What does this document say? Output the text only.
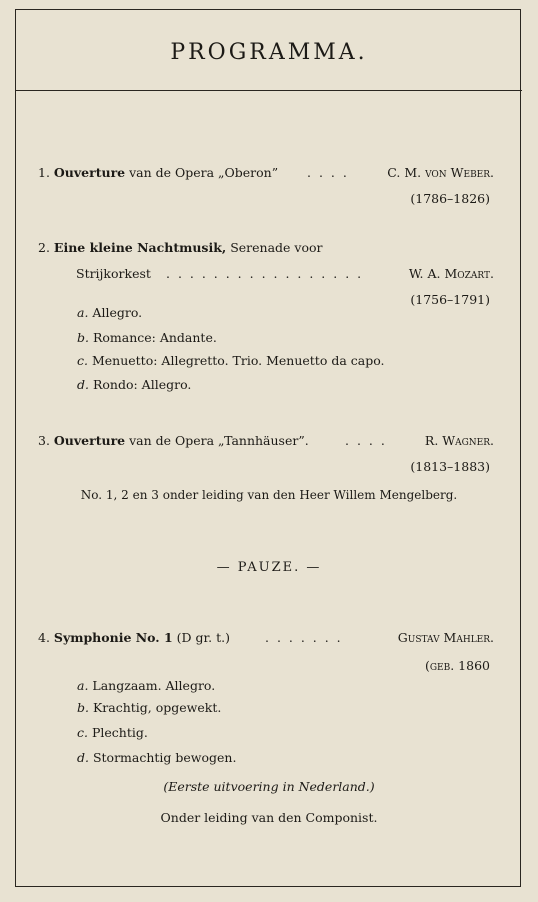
PROGRAMMA.
1. Ouverture van de Opera „Oberon” . . . .	C. M. von Weber.
(1786–1826)
2. Eine kleine Nachtmusik, Serenade voor
Strijkorkest . . . . . . . . . . . . . . . . .	W. A. Mozart.
(1756–1791)
a. Allegro.
b. Romance: Andante.
c. Menuetto: Allegretto. Trio. Menuetto da capo.
d. Rondo: Allegro.
3. Ouverture van de Opera „Tannhäuser”.	. . . .	R. Wagner.
(1813–1883)
No. 1, 2 en 3 onder leiding van den Heer Willem Mengelberg.
— PAUZE. —
4. Symphonie No. 1 (D gr. t.)	. . . . . . .	Gustav Mahler.
(geb. 1860
a. Langzaam. Allegro.
b. Krachtig, opgewekt.
c. Plechtig.
d. Stormachtig bewogen.
(Eerste uitvoering in Nederland.)
Onder leiding van den Componist.
